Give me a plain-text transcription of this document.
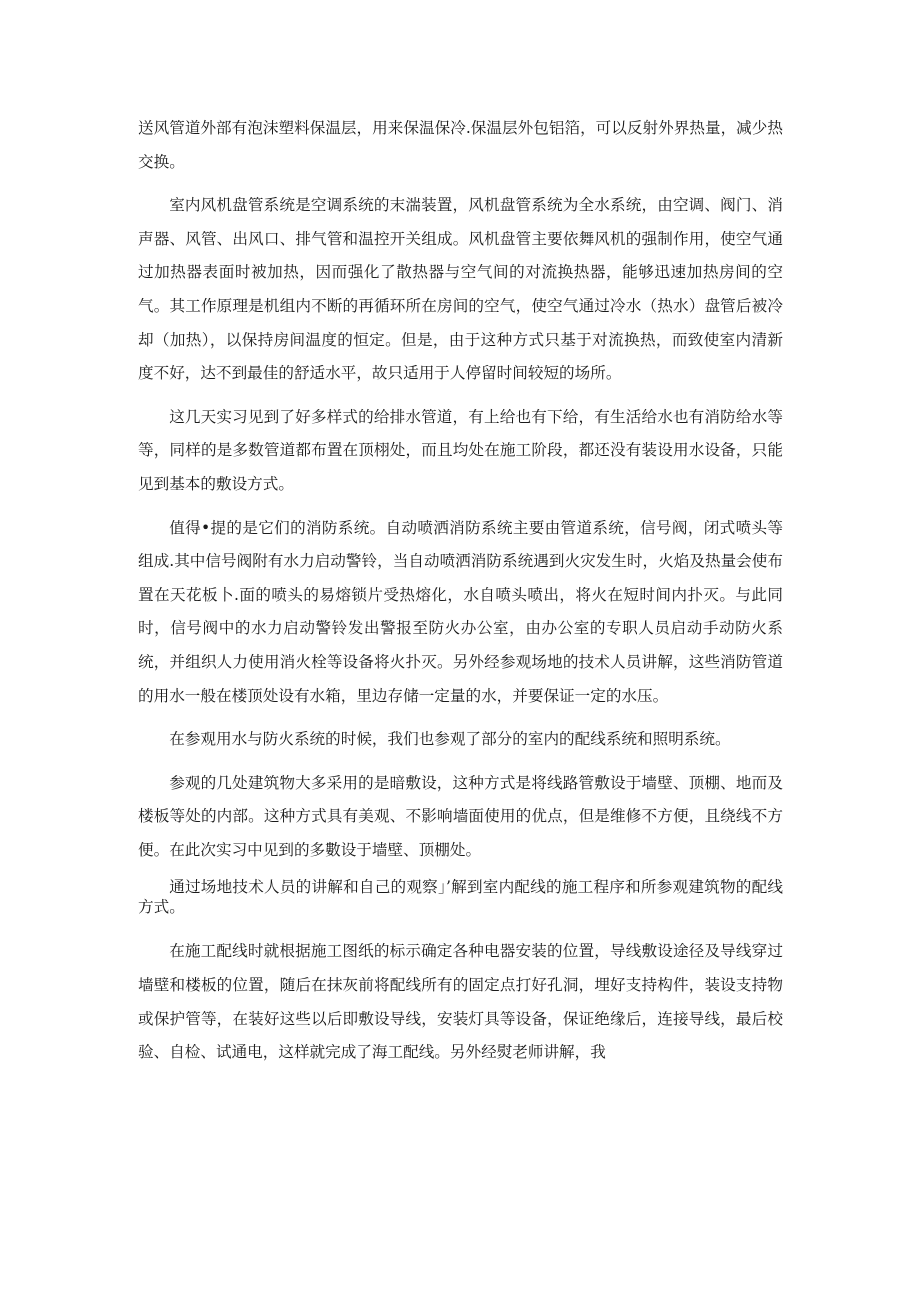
送风管道外部有泡沫塑料保温层，用来保温保冷.保温层外包铝箔，可以反射外界热量，减少热交换。

室内风机盘管系统是空调系统的末湍装置，风机盘管系统为全水系统，由空调、阀门、消声器、风管、出风口、排气管和温控开关组成。风机盘管主要依舞风机的强制作用，使空气通过加热器表面时被加热，因而强化了散热器与空气间的对流换热器，能够迅速加热房间的空气。其工作原理是机组内不断的再循环所在房间的空气，使空气通过冷水（热水）盘管后被冷却（加热），以保持房间温度的恒定。但是，由于这种方式只基于对流换热，而致使室内清新度不好，达不到最佳的舒适水平，故只适用于人停留时间较短的场所。

这几天实习见到了好多样式的给排水管道，有上给也有下给，有生活给水也有消防给水等等，同样的是多数管道都布置在顶栩处，而且均处在施工阶段，都还没有装设用水设备，只能见到基本的敷设方式。

值得•提的是它们的消防系统。自动喷洒消防系统主要由管道系统，信号阀，闭式喷头等组成.其中信号阀附有水力启动警铃，当自动喷洒消防系统遇到火灾发生时，火焰及热量会使布置在天花板卜.面的喷头的易熔锁片受热熔化，水自喷头喷出，将火在短时间内扑灭。与此同时，信号阀中的水力启动警铃发出警报至防火办公室，由办公室的专职人员启动手动防火系统，并组织人力使用消火栓等设备将火扑灭。另外经参观场地的技术人员讲解，这些消防管道的用水一般在楼顶处设有水箱，里边存储一定量的水，并要保证一定的水压。

在参观用水与防火系统的时候，我们也参观了部分的室内的配线系统和照明系统。

参观的几处建筑物大多采用的是暗敷设，这种方式是将线路管敷设于墙壁、顶棚、地而及楼板等处的内部。这种方式具有美观、不影响墙面使用的优点，但是维修不方便，且绕线不方便。在此次实习中见到的多數设于墙壁、顶棚处。

通过场地技术人员的讲解和自己的观察」’解到室内配线的施工程序和所参观建筑物的配线方式。

在施工配线时就根据施工图纸的标示确定各种电器安装的位置，导线敷设途径及导线穿过墙壁和楼板的位置，随后在抹灰前将配线所有的固定点打好孔洞，埋好支持构件，装设支持物或保护管等，在装好这些以后即敷设导线，安装灯具等设备，保证绝缘后，连接导线，最后校验、自检、试通电，这样就完成了海工配线。另外经熨老师讲解，我
